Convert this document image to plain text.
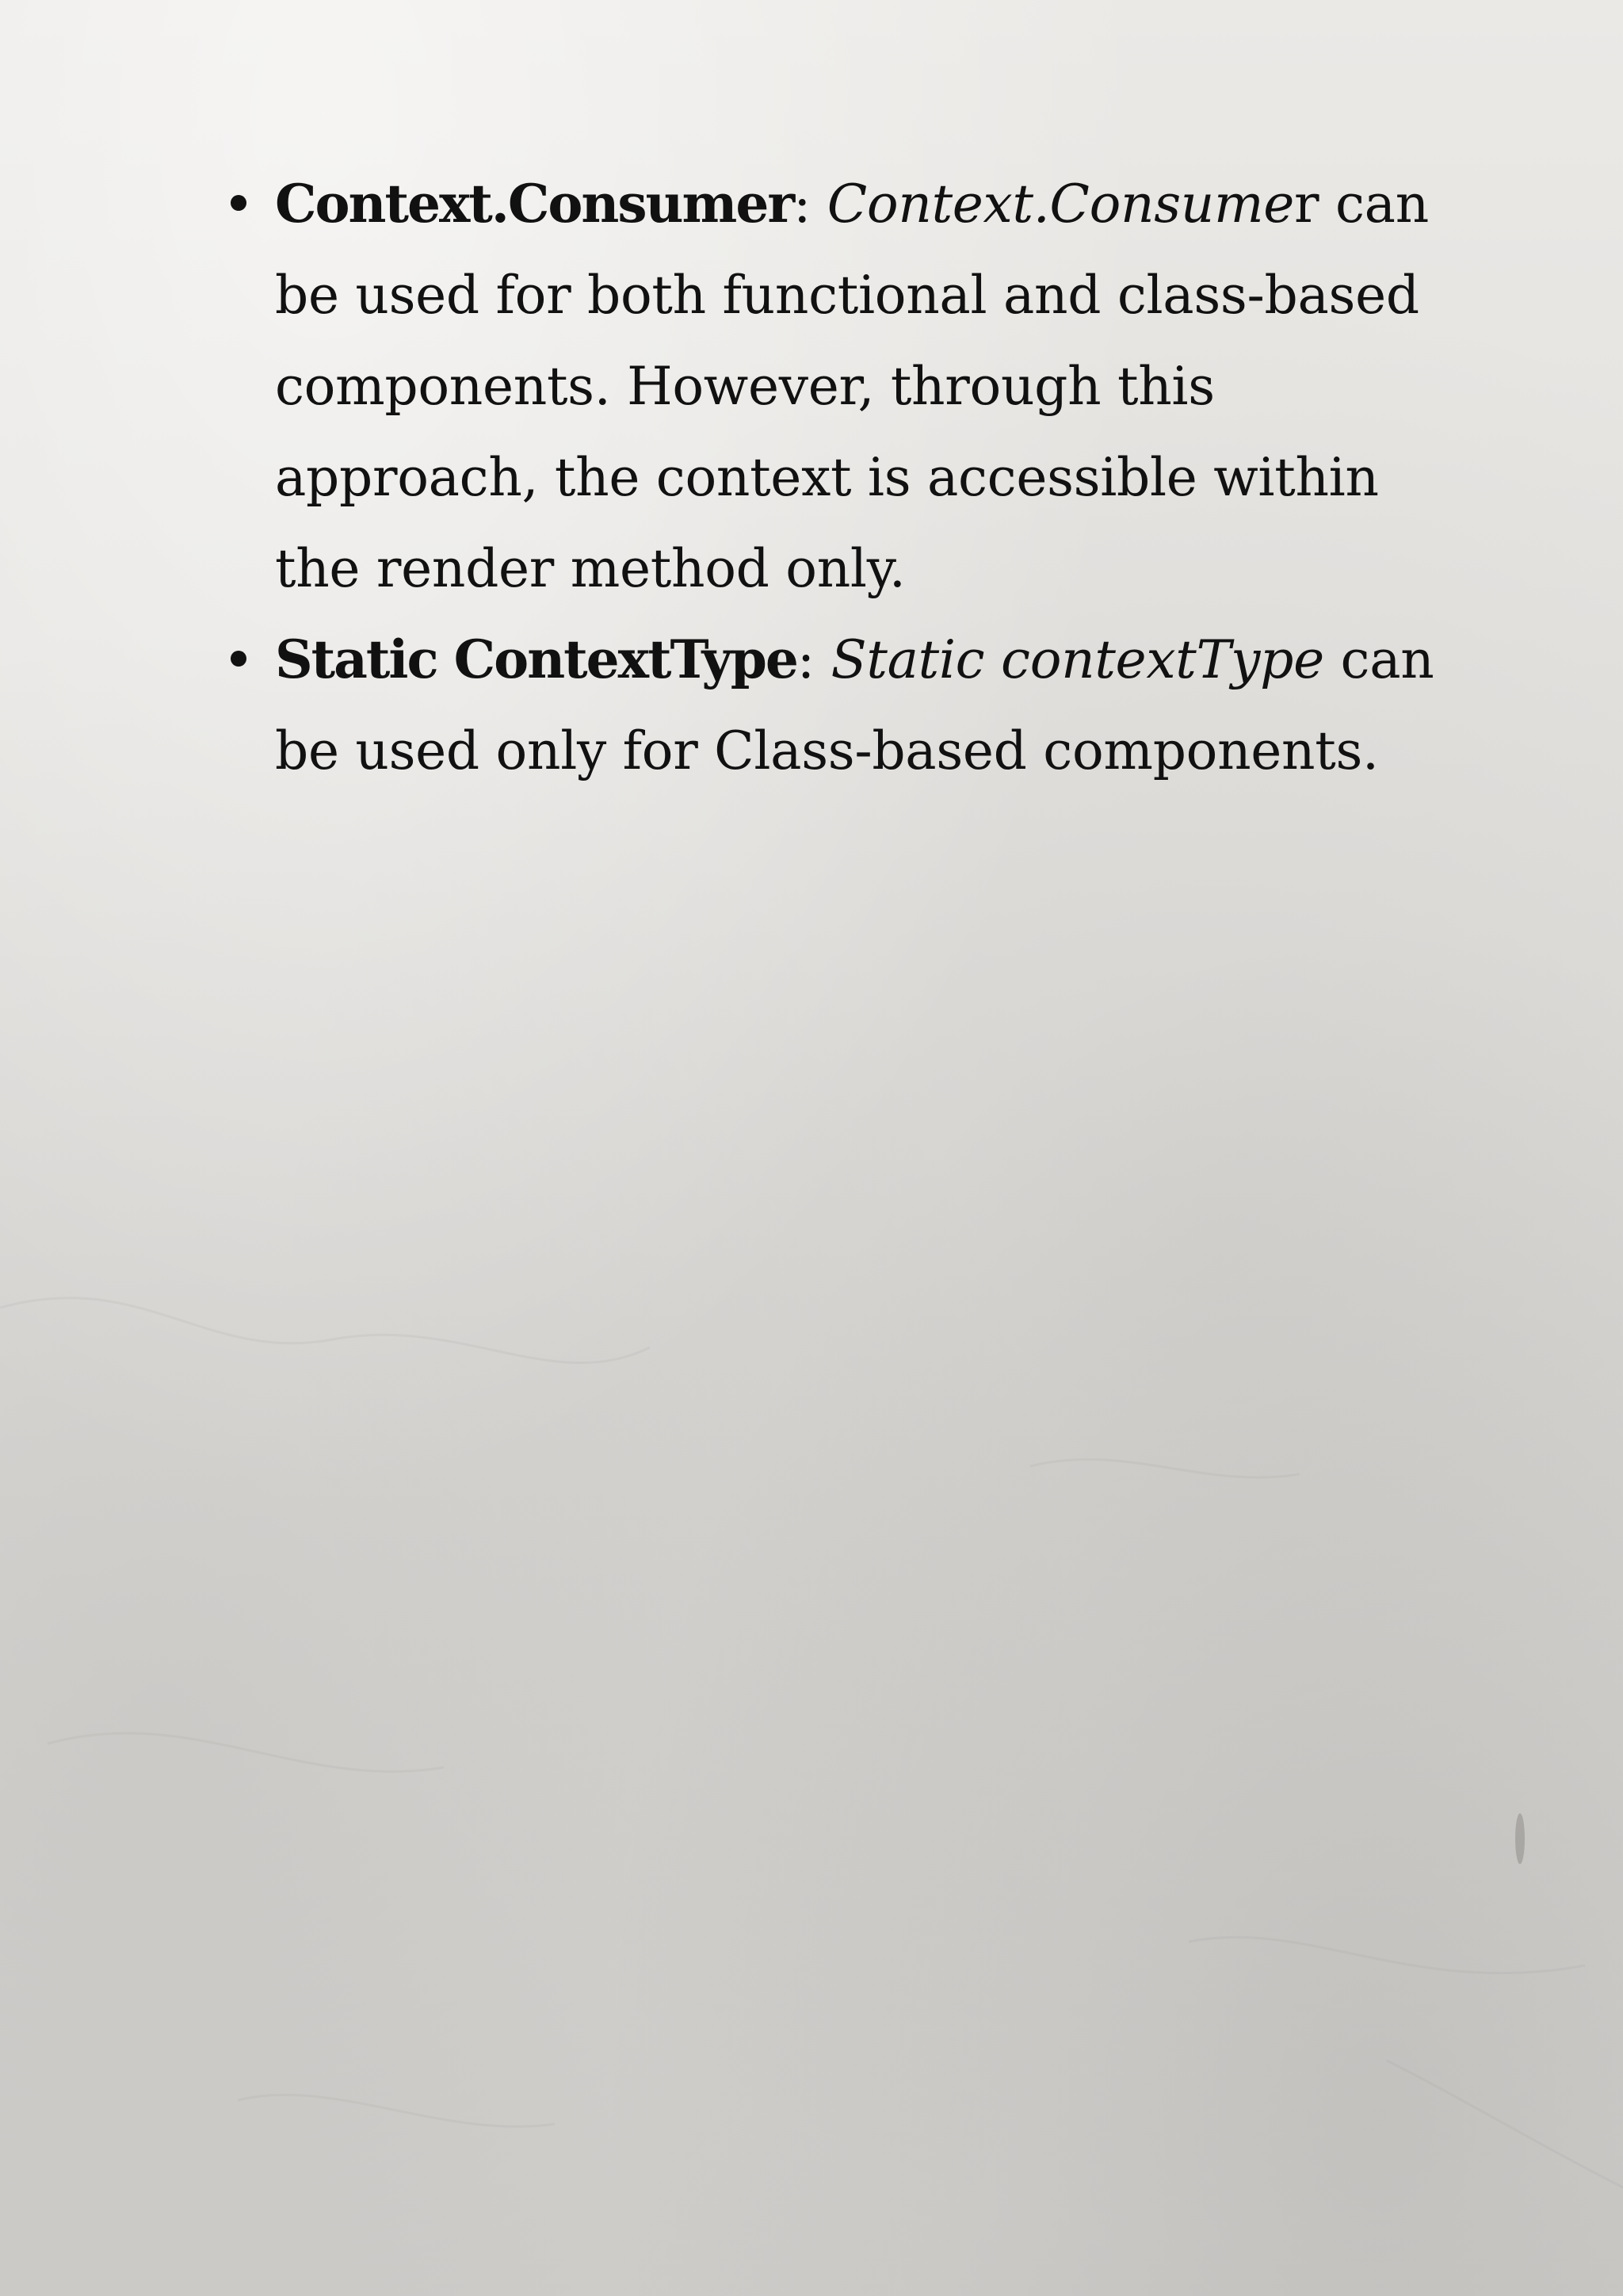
Context.Consumer: Context.Consumer can be used for both functional and class-based components. However, through this approach, the context is accessible within the render method only.
Static ContextType: Static contextType can be used only for Class-based components.
